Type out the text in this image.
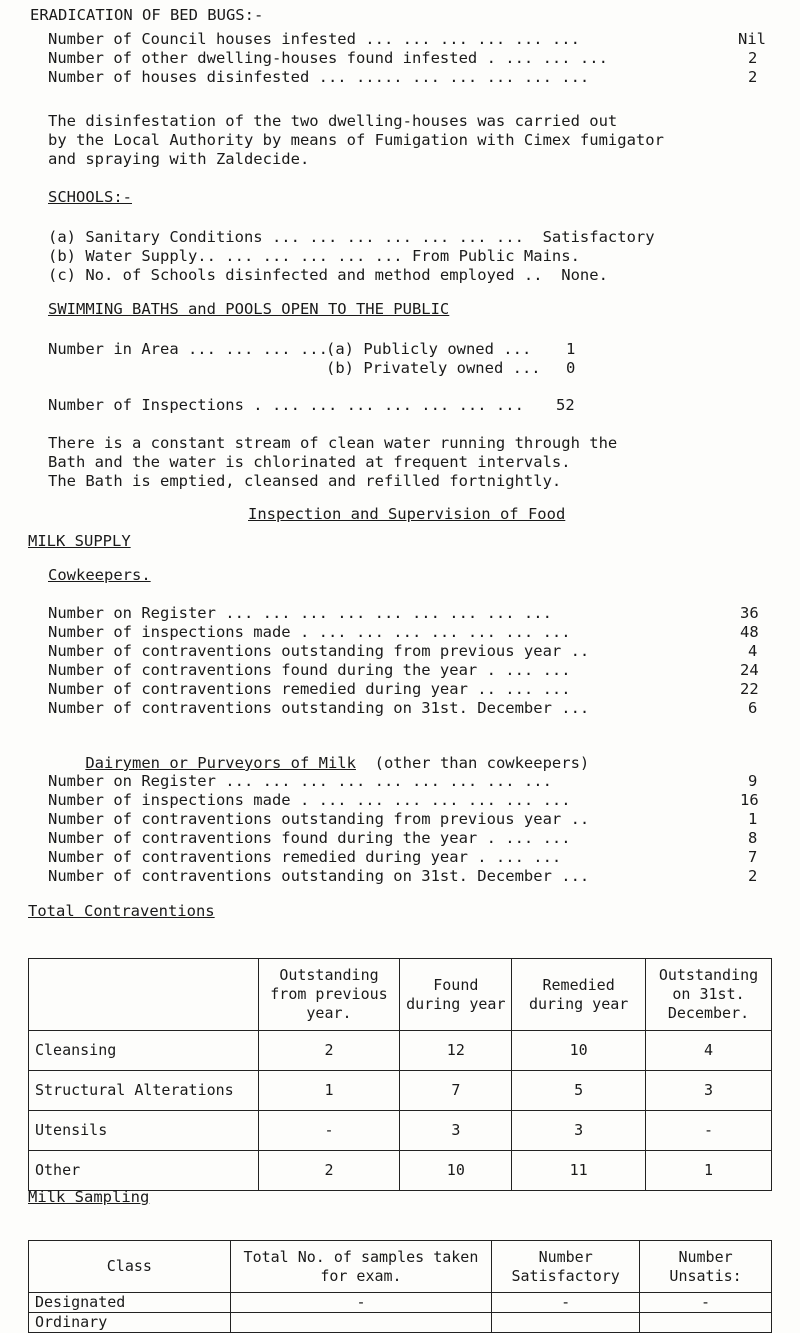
ERADICATION OF BED BUGS:-
Number of Council houses infested ... ... ... ... ... ...	Nil
Number of other dwelling-houses found infested . ... ... ...	2
Number of houses disinfested ... ..... ... ... ... ... ...	2
The disinfestation of the two dwelling-houses was carried out
by the Local Authority by means of Fumigation with Cimex fumigator
and spraying with Zaldecide.
SCHOOLS:-
(a) Sanitary Conditions ... ... ... ... ... ... ...  Satisfactory
(b) Water Supply.. ... ... ... ... ... From Public Mains.
(c) No. of Schools disinfected and method employed ..  None.
SWIMMING BATHS and POOLS OPEN TO THE PUBLIC
Number in Area ... ... ... ...
(a) Publicly owned ... 1
(b) Privately owned ... 0
Number of Inspections . ... ... ... ... ... ... ... 52
There is a constant stream of clean water running through the
Bath and the water is chlorinated at frequent intervals.
The Bath is emptied, cleansed and refilled fortnightly.
Inspection and Supervision of Food
MILK SUPPLY
Cowkeepers.
Number on Register ... ... ... ... ... ... ... ... ...	36
Number of inspections made . ... ... ... ... ... ... ...	48
Number of contraventions outstanding from previous year ..	4
Number of contraventions found during the year . ... ...	24
Number of contraventions remedied during year .. ... ...	22
Number of contraventions outstanding on 31st. December ...	6

Dairymen or Purveyors of Milk (other than cowkeepers)

Number on Register ... ... ... ... ... ... ... ... ...	9
Number of inspections made . ... ... ... ... ... ... ...	16
Number of contraventions outstanding from previous year ..	1
Number of contraventions found during the year . ... ...	8
Number of contraventions remedied during year . ... ...	7
Number of contraventions outstanding on 31st. December ...	2
Total Contraventions
	Outstanding from previous year.	Found during year	Remedied during year	Outstanding on 31st. December.
Cleansing	2	12	10	4
Structural Alterations	1	7	5	3
Utensils	-	3	3	-
Other	2	10	11	1
Milk Sampling
Class	Total No. of samples taken for exam.	Number Satisfactory	Number Unsatis:
Designated	-	-	-
Ordinary			
